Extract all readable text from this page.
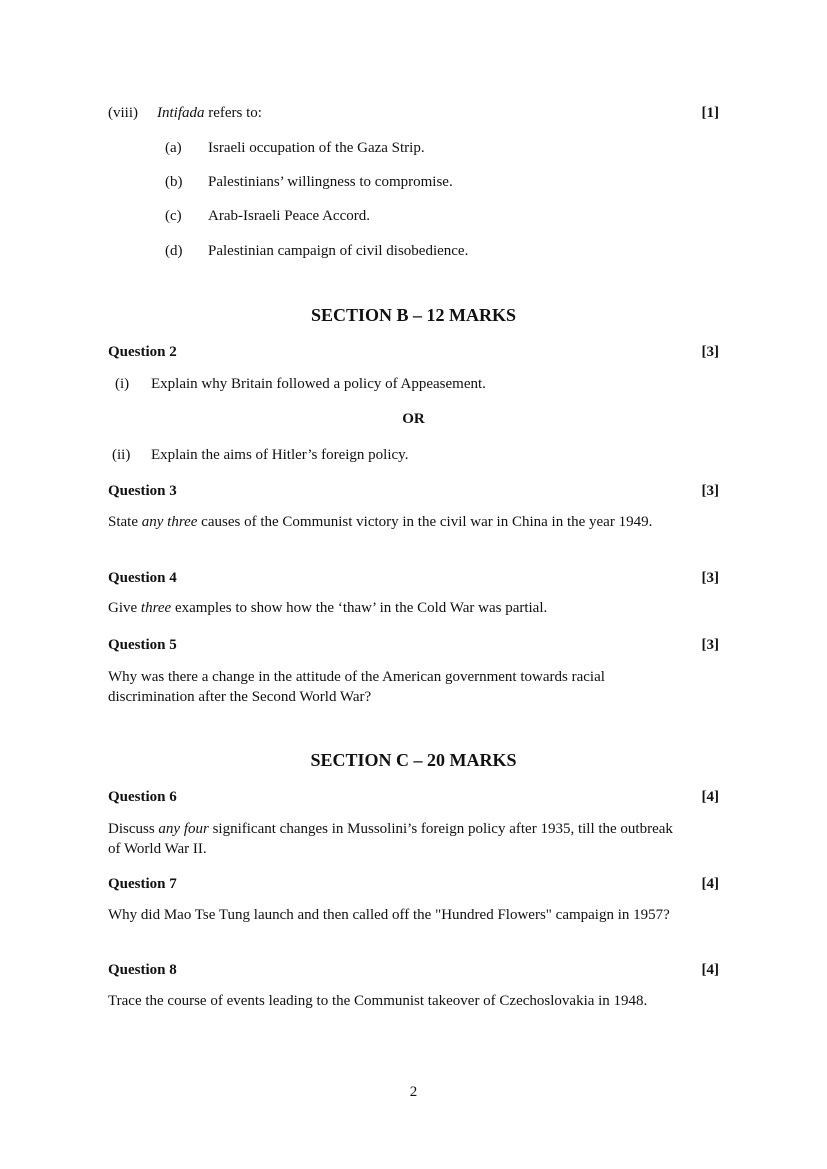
(viii) Intifada refers to:	[1]
(a) Israeli occupation of the Gaza Strip.
(b) Palestinians’ willingness to compromise.
(c) Arab-Israeli Peace Accord.
(d) Palestinian campaign of civil disobedience.
SECTION B – 12 MARKS
Question 2	[3]
(i) Explain why Britain followed a policy of Appeasement.
OR
(ii) Explain the aims of Hitler’s foreign policy.
Question 3	[3]
State any three causes of the Communist victory in the civil war in China in the year 1949.
Question 4	[3]
Give three examples to show how the ‘thaw’ in the Cold War was partial.
Question 5	[3]
Why was there a change in the attitude of the American government towards racial discrimination after the Second World War?
SECTION C – 20 MARKS
Question 6	[4]
Discuss any four significant changes in Mussolini’s foreign policy after 1935, till the outbreak of World War II.
Question 7	[4]
Why did Mao Tse Tung launch and then called off the "Hundred Flowers" campaign in 1957?
Question 8	[4]
Trace the course of events leading to the Communist takeover of Czechoslovakia in 1948.
2
